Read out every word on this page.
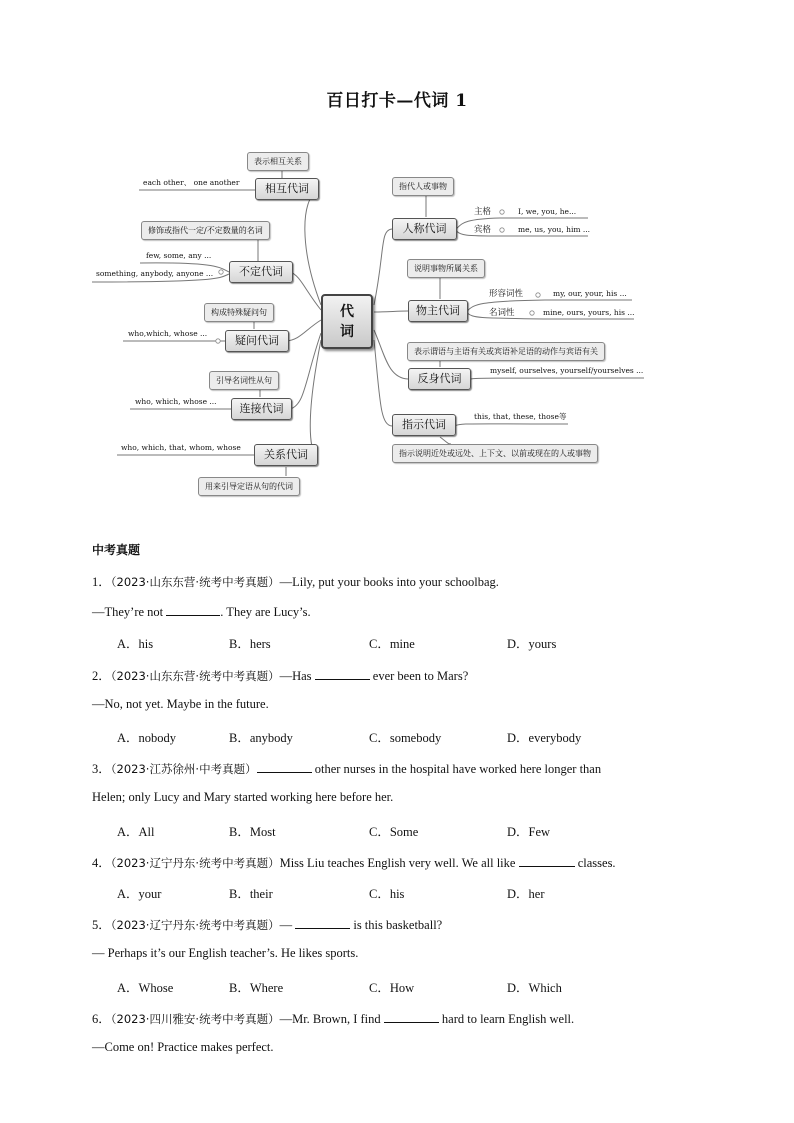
百日打卡—代词 1
代
词
表示相互关系
相互代词
each other、 one another
修饰或指代一定/不定数量的名词
不定代词
few, some, any ...
something, anybody, anyone ...
构成特殊疑问句
疑问代词
who,which, whose ...
引导名词性从句
连接代词
who, which, whose ...
关系代词
who, which, that, whom, whose
用来引导定语从句的代词
指代人或事物
人称代词
主格	I, we, you, he...
宾格	me, us, you, him ...
说明事物所属关系
物主代词
形容词性	my, our, your, his ...
名词性	mine, ours, yours, his ...
表示谓语与主语有关或宾语补足语的动作与宾语有关
反身代词
myself, ourselves, yourself/yourselves ...
指示代词
this, that, these, those等
指示说明近处或远处、上下文、以前或现在的人或事物
中考真题
1．（2023·山东东营·统考中考真题）—Lily, put your books into your schoolbag.
—They’re not	. They are Lucy’s.
A．his	B．hers	C．mine	D．yours
2．（2023·山东东营·统考中考真题）—Has	ever been to Mars?
—No, not yet. Maybe in the future.
A．nobody	B．anybody	C．somebody	D．everybody
3．（2023·江苏徐州·中考真题）	other nurses in the hospital have worked here longer than
Helen; only Lucy and Mary started working here before her.
A．All	B．Most	C．Some	D．Few
4．（2023·辽宁丹东·统考中考真题）Miss Liu teaches English very well. We all like	classes.
A．your	B．their	C．his	D．her
5．（2023·辽宁丹东·统考中考真题）—	is this basketball?
— Perhaps it’s our English teacher’s. He likes sports.
A．Whose	B．Where	C．How	D．Which
6．（2023·四川雅安·统考中考真题）—Mr. Brown, I find	hard to learn English well.
—Come on! Practice makes perfect.
